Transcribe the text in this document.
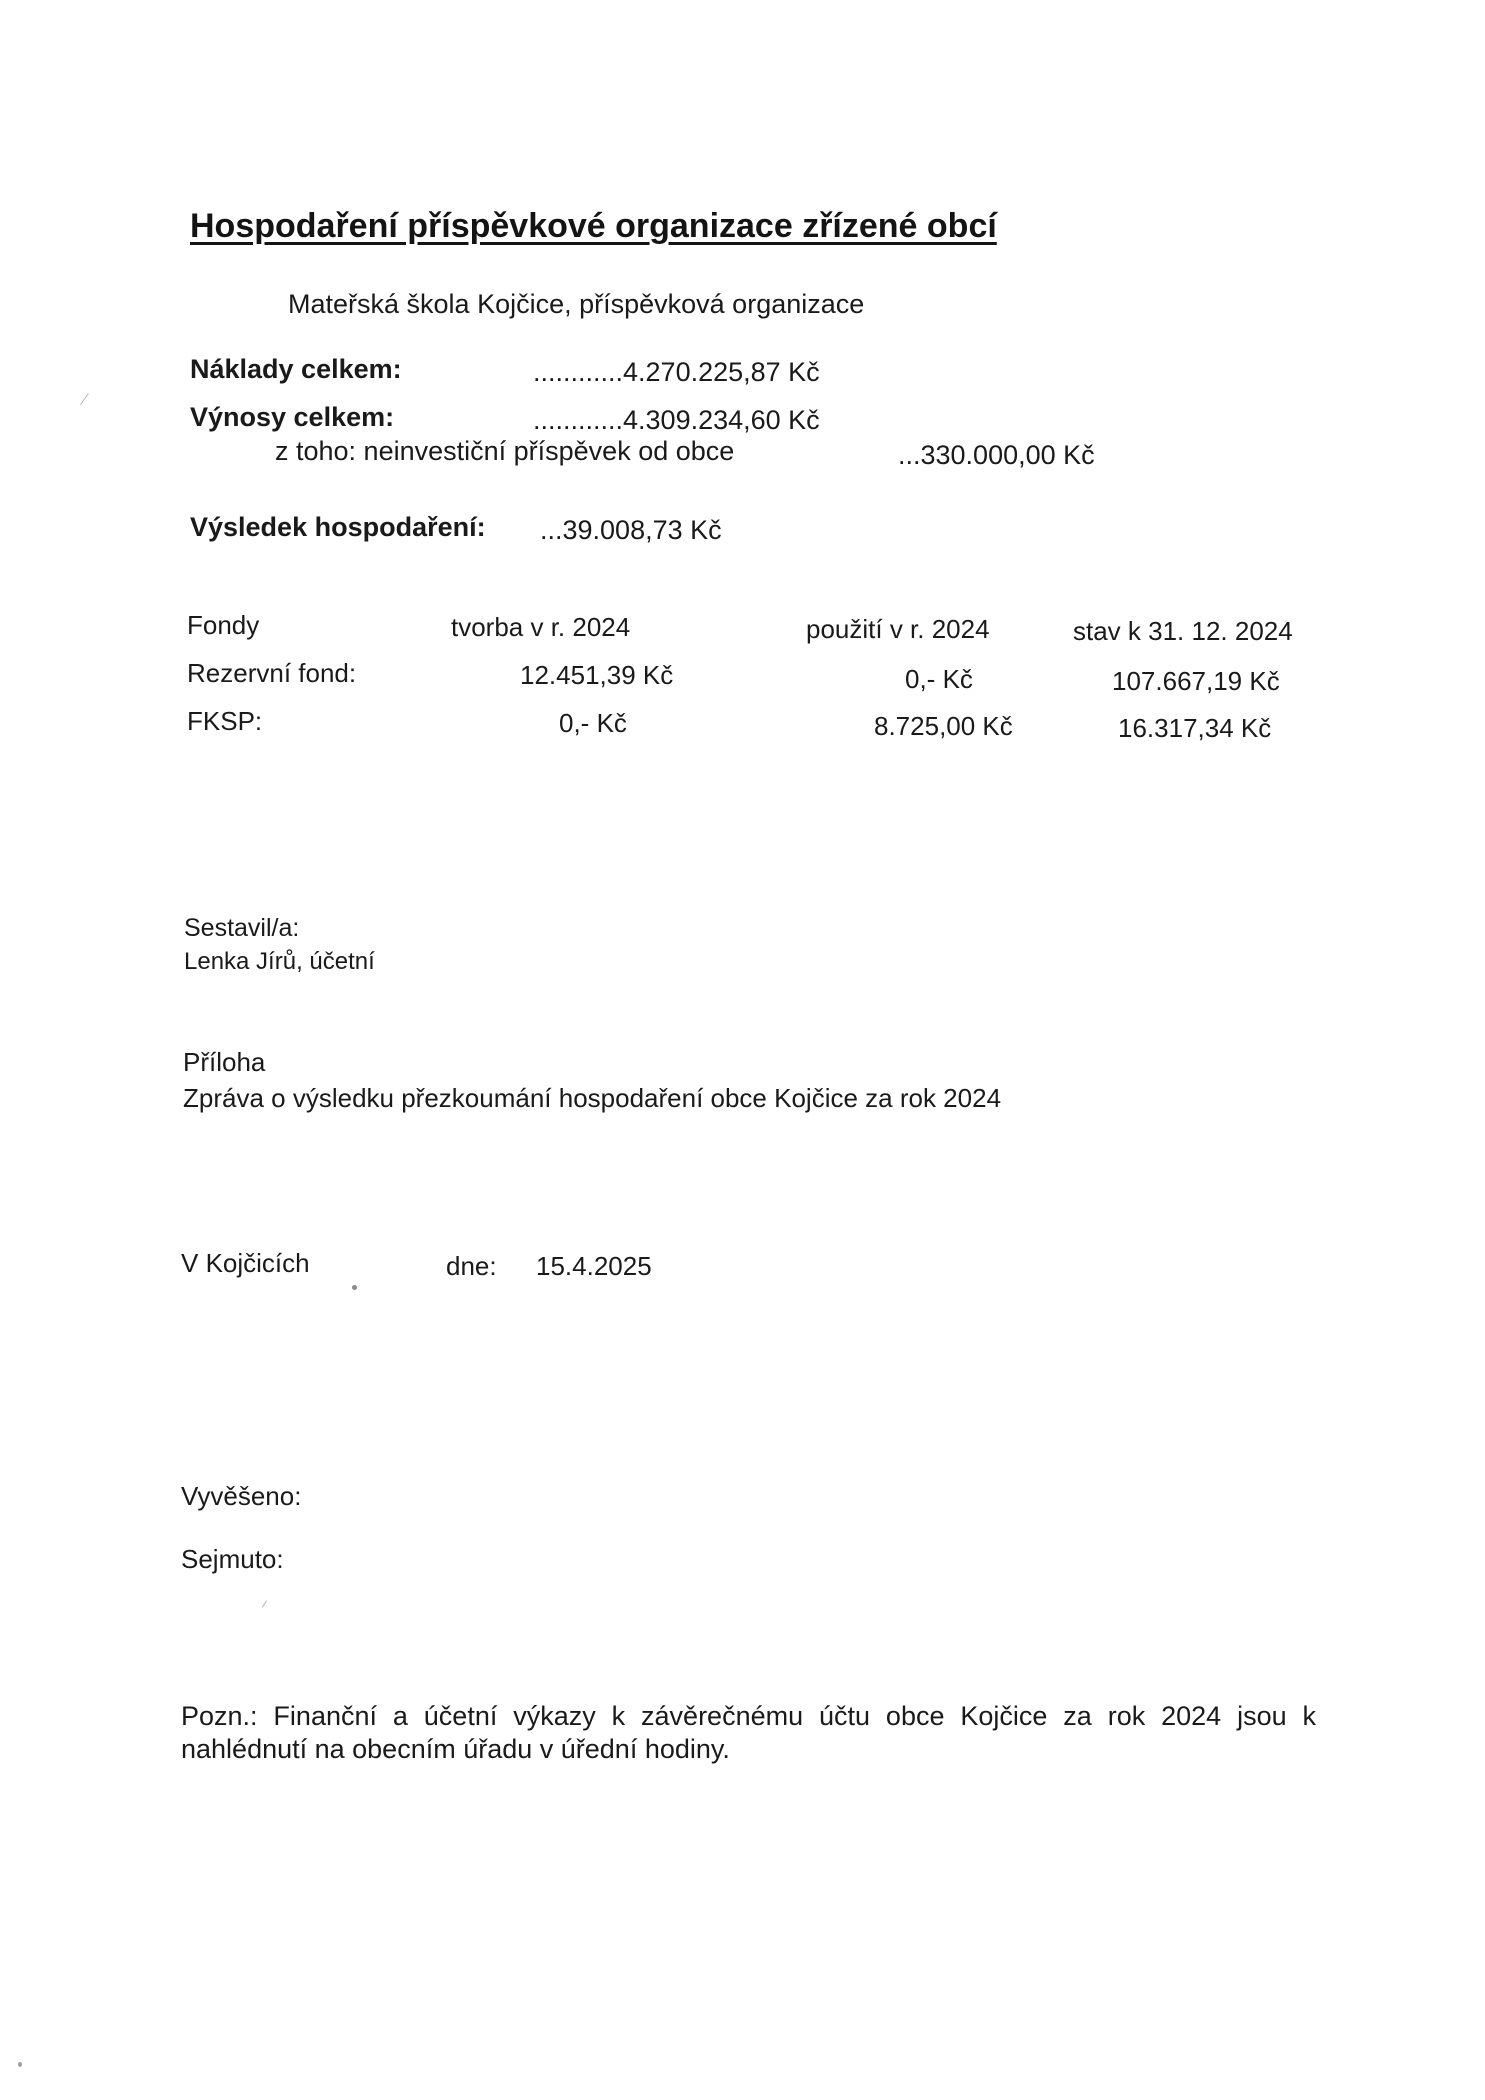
Hospodaření příspěvkové organizace zřízené obcí
Mateřská škola Kojčice, příspěvková organizace
Náklady celkem:	............4.270.225,87 Kč
Výnosy celkem:	............4.309.234,60 Kč
z toho: neinvestiční příspěvek od obce	...330.000,00 Kč
Výsledek hospodaření: ...39.008,73 Kč
Fondy	tvorba v r. 2024	použití v r. 2024	stav k 31. 12. 2024
Rezervní fond:	12.451,39 Kč	0,- Kč	107.667,19 Kč
FKSP:	0,- Kč	8.725,00 Kč	16.317,34 Kč
Sestavil/a:
Lenka Jírů, účetní
Příloha
Zpráva o výsledku přezkoumání hospodaření obce Kojčice za rok 2024
V Kojčicích	dne: 15.4.2025
Vyvěšeno:
Sejmuto:
Pozn.: Finanční a účetní výkazy k závěrečnému účtu obce Kojčice za rok 2024 jsou k nahlédnutí na obecním úřadu v úřední hodiny.
